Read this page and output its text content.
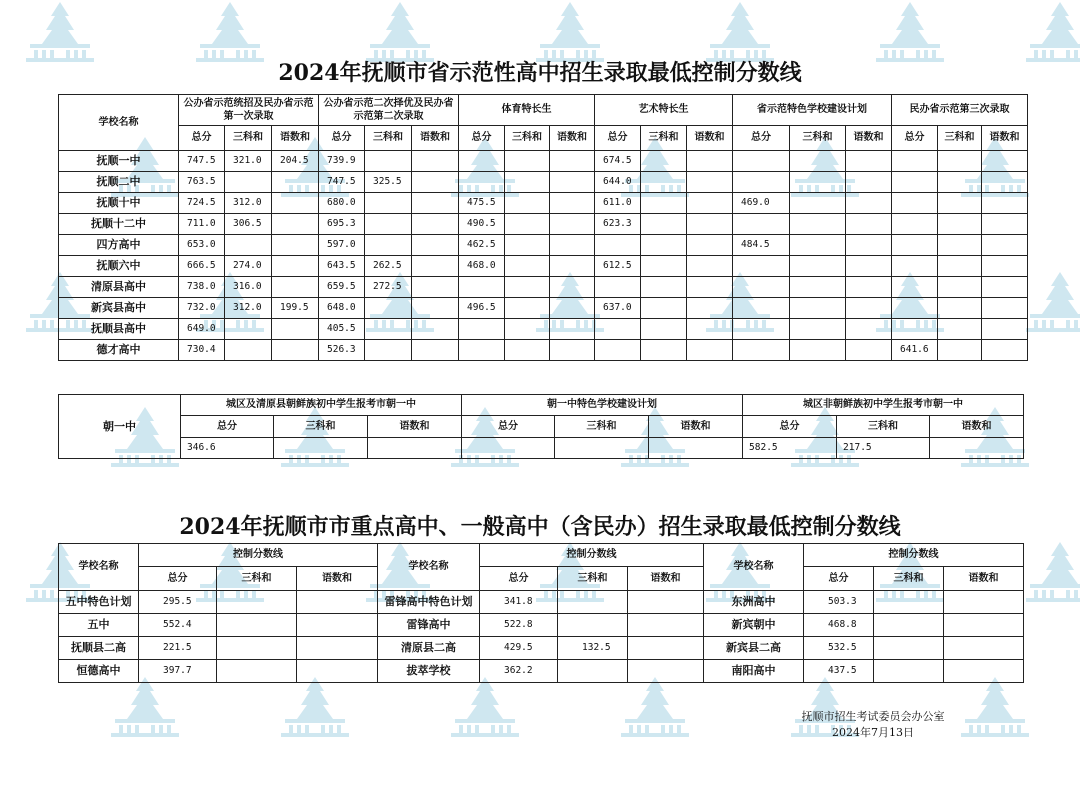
2024年抚顺市省示范性高中招生录取最低控制分数线
学校名称	公办省示范统招及民办省示范第一次录取			公办省示范二次择优及民办省示范第二次录取			体育特长生			艺术特长生			省示范特色学校建设计划			民办省示范第三次录取		
	总分	三科和	语数和	总分	三科和	语数和	总分	三科和	语数和	总分	三科和	语数和	总分	三科和	语数和	总分	三科和	语数和
抚顺一中	747.5	321.0	204.5	739.9						674.5								
抚顺二中	763.5			747.5	325.5					644.0								
抚顺十中	724.5	312.0		680.0			475.5			611.0			469.0					
抚顺十二中	711.0	306.5		695.3			490.5			623.3								
四方高中	653.0			597.0			462.5						484.5					
抚顺六中	666.5	274.0		643.5	262.5		468.0			612.5								
清原县高中	738.0	316.0		659.5	272.5													
新宾县高中	732.0	312.0	199.5	648.0			496.5			637.0								
抚顺县高中	649.0			405.5														
德才高中	730.4			526.3												641.6		
朝一中	城区及清原县朝鲜族初中学生报考市朝一中			朝一中特色学校建设计划			城区非朝鲜族初中学生报考市朝一中		
	总分	三科和	语数和	总分	三科和	语数和	总分	三科和	语数和
	346.6						582.5	217.5	
2024年抚顺市市重点高中、一般高中（含民办）招生录取最低控制分数线
学校名称	控制分数线			学校名称	控制分数线			学校名称	控制分数线		
	总分	三科和	语数和		总分	三科和	语数和		总分	三科和	语数和
五中特色计划	295.5			雷锋高中特色计划	341.8			东洲高中	503.3		
五中	552.4			雷锋高中	522.8			新宾朝中	468.8		
抚顺县二高	221.5			清原县二高	429.5	132.5		新宾县二高	532.5		
恒德高中	397.7			拔萃学校	362.2			南阳高中	437.5		
抚顺市招生考试委员会办公室
2024年7月13日
